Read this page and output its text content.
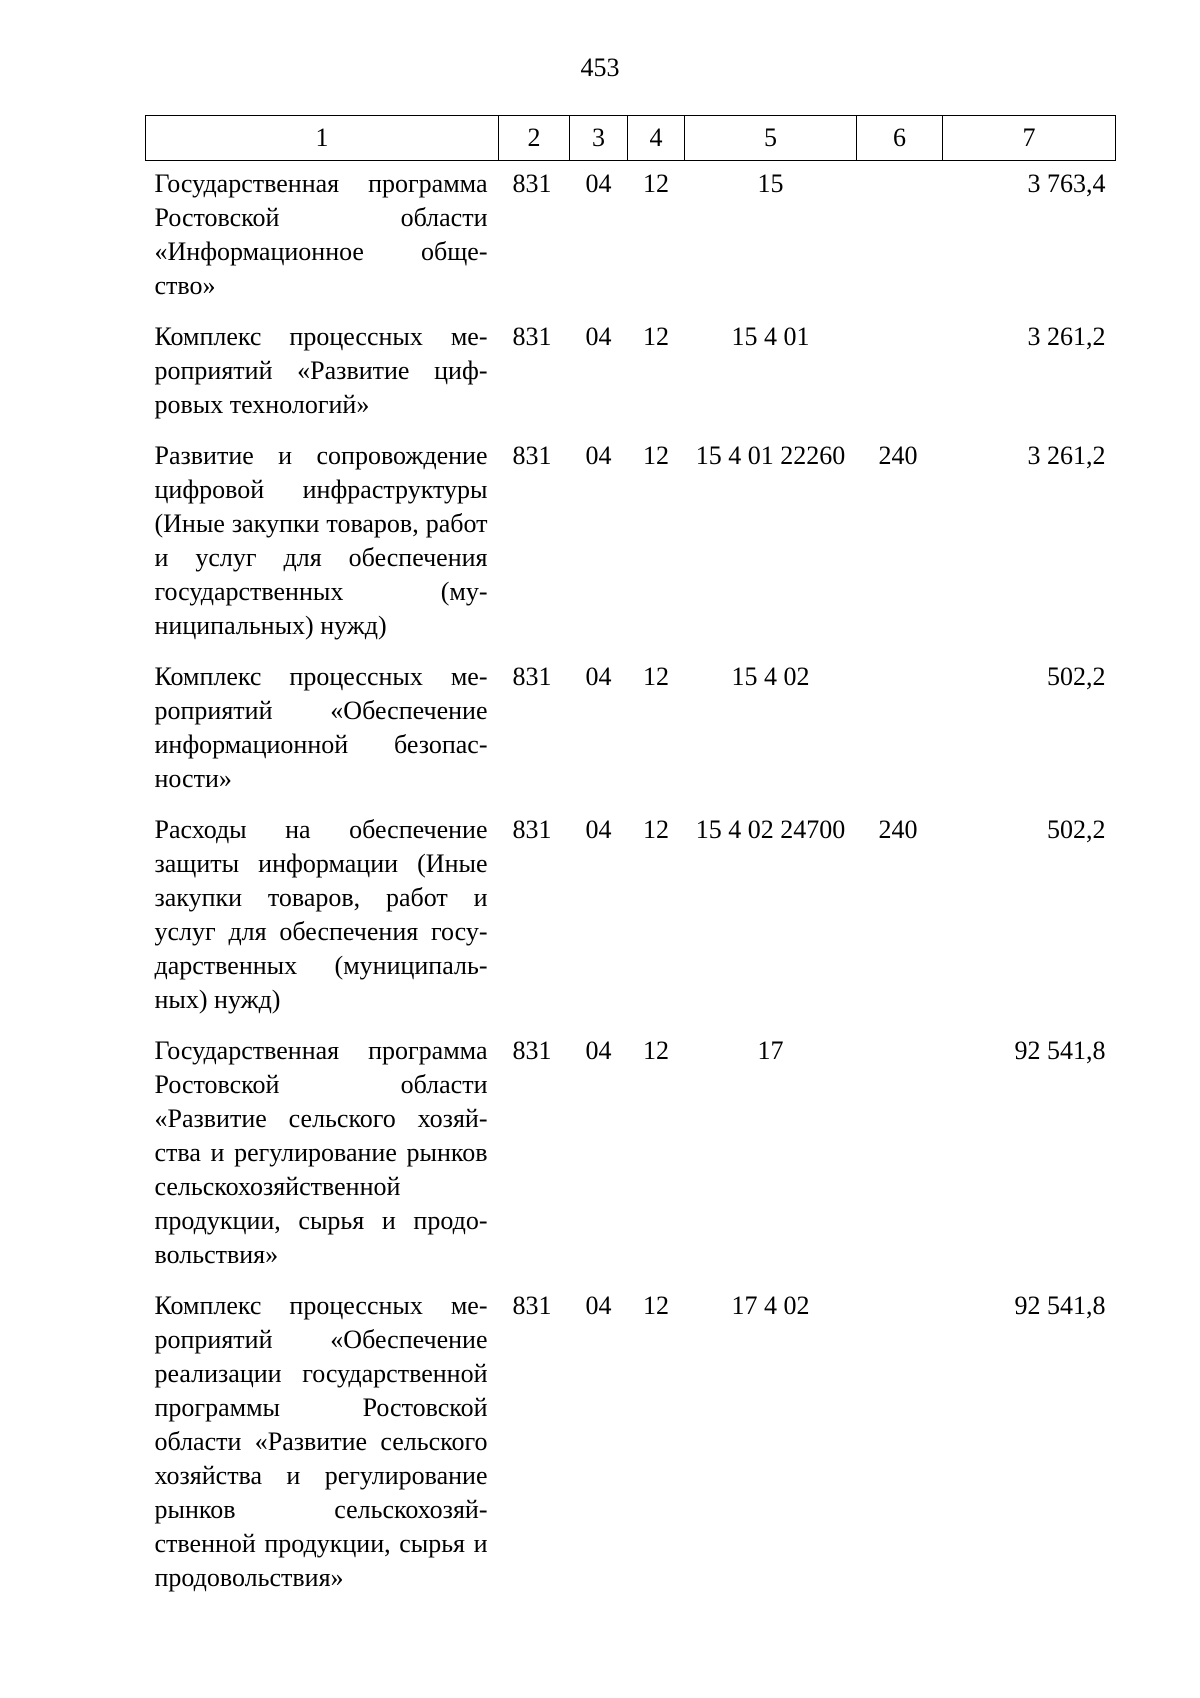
453
1	2	3	4	5	6	7
Государственная программа Ростовской области «Информационное общество»	831	04	12	15		3 763,4
Комплекс процессных мероприятий «Развитие цифровых технологий»	831	04	12	15 4 01		3 261,2
Развитие и сопровождение цифровой инфраструктуры (Иные закупки товаров, работ и услуг для обеспечения государственных (муниципальных) нужд)	831	04	12	15 4 01 22260	240	3 261,2
Комплекс процессных мероприятий «Обеспечение информационной безопасности»	831	04	12	15 4 02		502,2
Расходы на обеспечение защиты информации (Иные закупки товаров, работ и услуг для обеспечения государственных (муниципальных) нужд)	831	04	12	15 4 02 24700	240	502,2
Государственная программа Ростовской области «Развитие сельского хозяйства и регулирование рынков сельскохозяйственной продукции, сырья и продовольствия»	831	04	12	17		92 541,8
Комплекс процессных мероприятий «Обеспечение реализации государственной программы Ростовской области «Развитие сельского хозяйства и регулирование рынков сельскохозяйственной продукции, сырья и продовольствия»	831	04	12	17 4 02		92 541,8
